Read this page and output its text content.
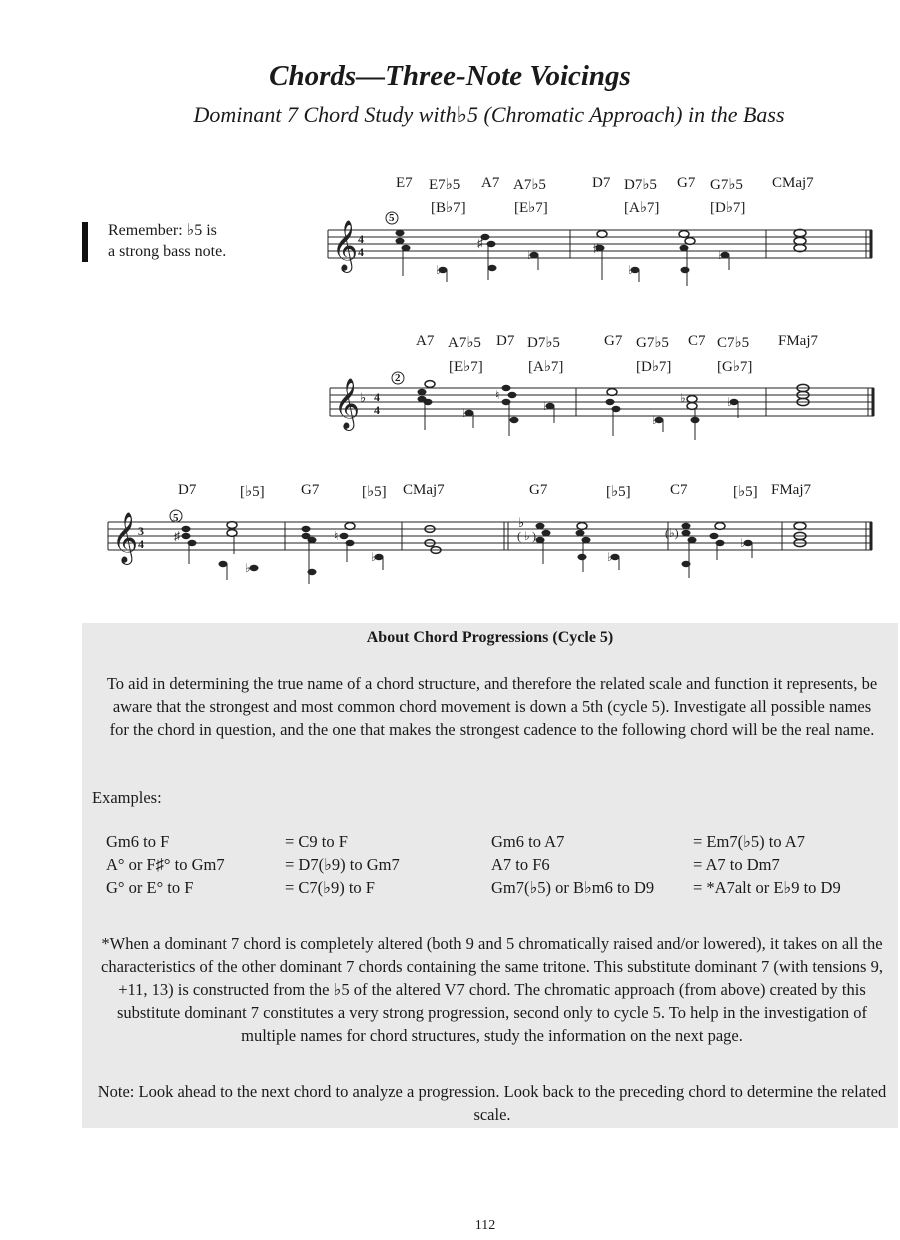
Chords—Three-Note Voicings
Dominant 7 Chord Study with♭5 (Chromatic Approach) in the Bass
Remember: ♭5 is
a strong bass note.
E7 E7♭5
[B♭7]
A7 A7♭5
[E♭7]
D7 D7♭5
[A♭7]
G7 G7♭5
[D♭7]
CMaj7
𝄞 4
4
♭
♭
♯	♯
♭
♭
5
A7 A7♭5
[E♭7]
D7 D7♭5
[A♭7]
G7 G7♭5
[D♭7]
C7 C7♭5
[G♭7]
FMaj7
𝄞 ♭ 4
4	♭	♭
♮
♭
♭	♭
2
D7	[♭5] G7	[♭5] CMaj7	G7	[♭5]	C7	[♭5] FMaj7
𝄞 3
4
( ♭ )
♯
♭
♭
♮
♭
(♭)
♭
♭
5
About Chord Progressions (Cycle 5)
To aid in determining the true name of a chord structure, and therefore the related scale and function it represents, be aware that the strongest and most common chord movement is down a 5th (cycle 5). Investigate all possible names for the chord in question, and the one that makes the strongest cadence to the following chord will be the real name.
Examples:
Gm6 to F	= C9 to F	Gm6 to A7	= Em7(♭5) to A7
A° or F♯° to Gm7	= D7(♭9) to Gm7	A7 to F6	= A7 to Dm7
G° or E° to F	= C7(♭9) to F	Gm7(♭5) or B♭m6 to D9 = *A7alt or E♭9 to D9
*When a dominant 7 chord is completely altered (both 9 and 5 chromatically raised and/or lowered), it takes on all the characteristics of the other dominant 7 chords containing the same tritone. This substitute dominant 7 (with tensions 9, +11, 13) is constructed from the ♭5 of the altered V7 chord. The chromatic approach (from above) created by this substitute dominant 7 constitutes a very strong progression, second only to cycle 5. To help in the investigation of multiple names for chord structures, study the information on the next page.
Note: Look ahead to the next chord to analyze a progression. Look back to the preceding chord to determine the related scale.
112
